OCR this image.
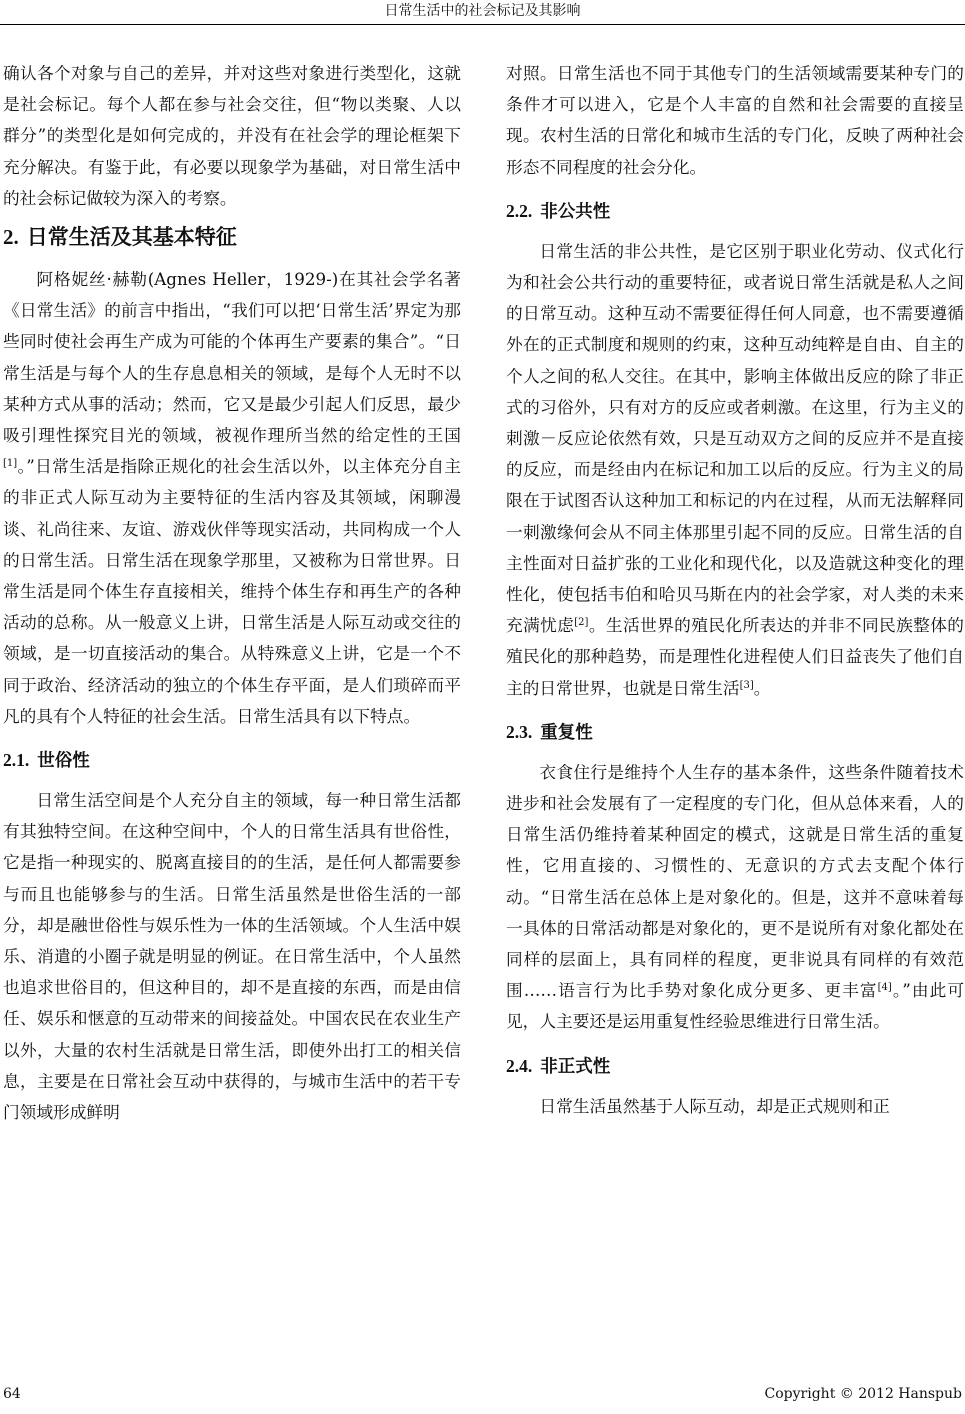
日常生活中的社会标记及其影响

确认各个对象与自己的差异，并对这些对象进行类型化，这就是社会标记。每个人都在参与社会交往，但“物以类聚、人以群分”的类型化是如何完成的，并没有在社会学的理论框架下充分解决。有鉴于此，有必要以现象学为基础，对日常生活中的社会标记做较为深入的考察。

2. 日常生活及其基本特征

阿格妮丝·赫勒(Agnes Heller，1929-)在其社会学名著《日常生活》的前言中指出，“我们可以把‘日常生活’界定为那些同时使社会再生产成为可能的个体再生产要素的集合”。“日常生活是与每个人的生存息息相关的领域，是每个人无时不以某种方式从事的活动；然而，它又是最少引起人们反思，最少吸引理性探究目光的领域，被视作理所当然的给定性的王国[1]。”日常生活是指除正规化的社会生活以外，以主体充分自主的非正式人际互动为主要特征的生活内容及其领域，闲聊漫谈、礼尚往来、友谊、游戏伙伴等现实活动，共同构成一个人的日常生活。日常生活在现象学那里，又被称为日常世界。日常生活是同个体生存直接相关，维持个体生存和再生产的各种活动的总称。从一般意义上讲，日常生活是人际互动或交往的领域，是一切直接活动的集合。从特殊意义上讲，它是一个不同于政治、经济活动的独立的个体生存平面，是人们琐碎而平凡的具有个人特征的社会生活。日常生活具有以下特点。

2.1. 世俗性

日常生活空间是个人充分自主的领域，每一种日常生活都有其独特空间。在这种空间中，个人的日常生活具有世俗性，它是指一种现实的、脱离直接目的的生活，是任何人都需要参与而且也能够参与的生活。日常生活虽然是世俗生活的一部分，却是融世俗性与娱乐性为一体的生活领域。个人生活中娱乐、消遣的小圈子就是明显的例证。在日常生活中，个人虽然也追求世俗目的，但这种目的，却不是直接的东西，而是由信任、娱乐和惬意的互动带来的间接益处。中国农民在农业生产以外，大量的农村生活就是日常生活，即使外出打工的相关信息，主要是在日常社会互动中获得的，与城市生活中的若干专门领域形成鲜明

对照。日常生活也不同于其他专门的生活领域需要某种专门的条件才可以进入，它是个人丰富的自然和社会需要的直接呈现。农村生活的日常化和城市生活的专门化，反映了两种社会形态不同程度的社会分化。

2.2. 非公共性

日常生活的非公共性，是它区别于职业化劳动、仪式化行为和社会公共行动的重要特征，或者说日常生活就是私人之间的日常互动。这种互动不需要征得任何人同意，也不需要遵循外在的正式制度和规则的约束，这种互动纯粹是自由、自主的个人之间的私人交往。在其中，影响主体做出反应的除了非正式的习俗外，只有对方的反应或者刺激。在这里，行为主义的刺激－反应论依然有效，只是互动双方之间的反应并不是直接的反应，而是经由内在标记和加工以后的反应。行为主义的局限在于试图否认这种加工和标记的内在过程，从而无法解释同一刺激缘何会从不同主体那里引起不同的反应。日常生活的自主性面对日益扩张的工业化和现代化，以及造就这种变化的理性化，使包括韦伯和哈贝马斯在内的社会学家，对人类的未来充满忧虑[2]。生活世界的殖民化所表达的并非不同民族整体的殖民化的那种趋势，而是理性化进程使人们日益丧失了他们自主的日常世界，也就是日常生活[3]。

2.3. 重复性

衣食住行是维持个人生存的基本条件，这些条件随着技术进步和社会发展有了一定程度的专门化，但从总体来看，人的日常生活仍维持着某种固定的模式，这就是日常生活的重复性，它用直接的、习惯性的、无意识的方式去支配个体行动。“日常生活在总体上是对象化的。但是，这并不意味着每一具体的日常活动都是对象化的，更不是说所有对象化都处在同样的层面上，具有同样的程度，更非说具有同样的有效范围……语言行为比手势对象化成分更多、更丰富[4]。”由此可见，人主要还是运用重复性经验思维进行日常生活。

2.4. 非正式性

日常生活虽然基于人际互动，却是正式规则和正

64	Copyright © 2012 Hanspub
